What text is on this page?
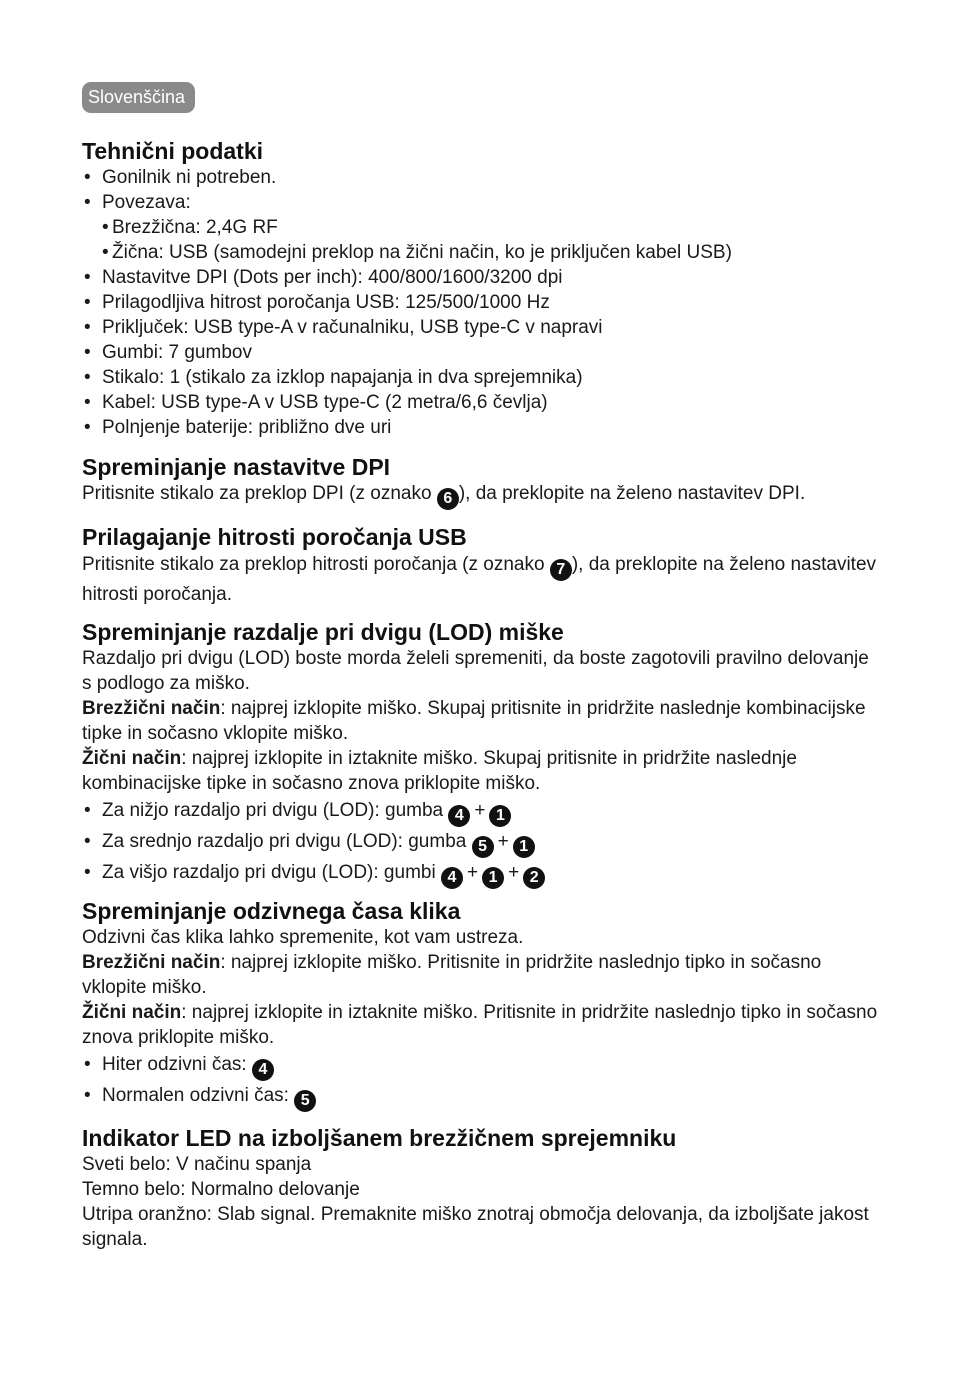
Slovenščina
Tehnični podatki
• Gonilnik ni potreben.
• Povezava:
• Brezžična: 2,4G RF
• Žična: USB (samodejni preklop na žični način, ko je priključen kabel USB)
• Nastavitve DPI (Dots per inch): 400/800/1600/3200 dpi
• Prilagodljiva hitrost poročanja USB: 125/500/1000 Hz
• Priključek: USB type-A v računalniku, USB type-C v napravi
• Gumbi: 7 gumbov
• Stikalo: 1 (stikalo za izklop napajanja in dva sprejemnika)
• Kabel: USB type-A v USB type-C (2 metra/6,6 čevlja)
• Polnjenje baterije: približno dve uri
Spreminjanje nastavitve DPI

Pritisnite stikalo za preklop DPI (z oznako 6 ), da preklopite na želeno nastavitev DPI.

Prilagajanje hitrosti poročanja USB

Pritisnite stikalo za preklop hitrosti poročanja (z oznako 7 ), da preklopite na želeno nastavitev hitrosti poročanja.

Spreminjanje razdalje pri dvigu (LOD) miške

Razdaljo pri dvigu (LOD) boste morda želeli spremeniti, da boste zagotovili pravilno delovanje s podlogo za miško.

Brezžični način: najprej izklopite miško. Skupaj pritisnite in pridržite naslednje kombinacijske tipke in sočasno vklopite miško.

Žični način: najprej izklopite in iztaknite miško. Skupaj pritisnite in pridržite naslednje kombinacijske tipke in sočasno znova priklopite miško.

• Za nižjo razdaljo pri dvigu (LOD): gumba 4 + 1
• Za srednjo razdaljo pri dvigu (LOD): gumba 5 + 1
• Za višjo razdaljo pri dvigu (LOD): gumbi 4 + 1 + 2
Spreminjanje odzivnega časa klika

Odzivni čas klika lahko spremenite, kot vam ustreza.

Brezžični način: najprej izklopite miško. Pritisnite in pridržite naslednjo tipko in sočasno vklopite miško.

Žični način: najprej izklopite in iztaknite miško. Pritisnite in pridržite naslednjo tipko in sočasno znova priklopite miško.

• Hiter odzivni čas: 4
• Normalen odzivni čas: 5
Indikator LED na izboljšanem brezžičnem sprejemniku

Sveti belo: V načinu spanja

Temno belo: Normalno delovanje

Utripa oranžno: Slab signal. Premaknite miško znotraj območja delovanja, da izboljšate jakost signala.
